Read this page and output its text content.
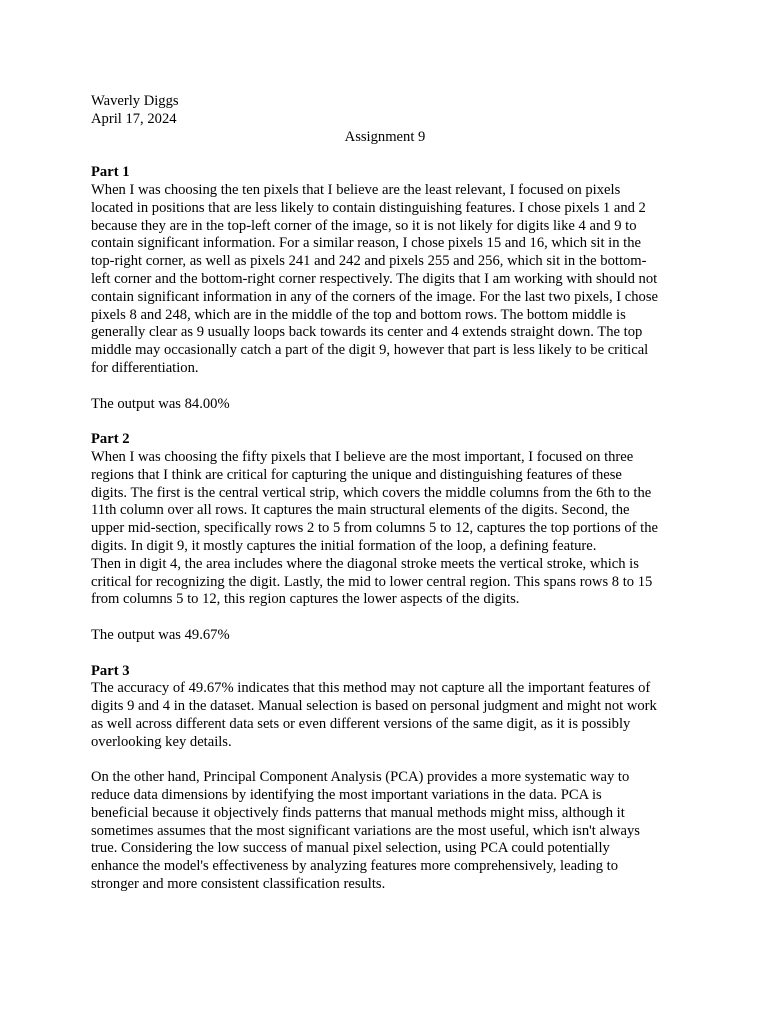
Waverly Diggs

April 17, 2024

Assignment 9

Part 1

When I was choosing the ten pixels that I believe are the least relevant, I focused on pixels

located in positions that are less likely to contain distinguishing features. I chose pixels 1 and 2

because they are in the top-left corner of the image, so it is not likely for digits like 4 and 9 to

contain significant information. For a similar reason, I chose pixels 15 and 16, which sit in the

top-right corner, as well as pixels 241 and 242 and pixels 255 and 256, which sit in the bottom-

left corner and the bottom-right corner respectively. The digits that I am working with should not

contain significant information in any of the corners of the image. For the last two pixels, I chose

pixels 8 and 248, which are in the middle of the top and bottom rows. The bottom middle is

generally clear as 9 usually loops back towards its center and 4 extends straight down. The top

middle may occasionally catch a part of the digit 9, however that part is less likely to be critical

for differentiation.

The output was 84.00%

Part 2

When I was choosing the fifty pixels that I believe are the most important, I focused on three

regions that I think are critical for capturing the unique and distinguishing features of these

digits. The first is the central vertical strip, which covers the middle columns from the 6th to the

11th column over all rows. It captures the main structural elements of the digits. Second, the

upper mid-section, specifically rows 2 to 5 from columns 5 to 12, captures the top portions of the

digits. In digit 9, it mostly captures the initial formation of the loop, a defining feature.

Then in digit 4, the area includes where the diagonal stroke meets the vertical stroke, which is

critical for recognizing the digit. Lastly, the mid to lower central region. This spans rows 8 to 15

from columns 5 to 12, this region captures the lower aspects of the digits.

The output was 49.67%

Part 3

The accuracy of 49.67% indicates that this method may not capture all the important features of

digits 9 and 4 in the dataset. Manual selection is based on personal judgment and might not work

as well across different data sets or even different versions of the same digit, as it is possibly

overlooking key details.

On the other hand, Principal Component Analysis (PCA) provides a more systematic way to

reduce data dimensions by identifying the most important variations in the data. PCA is

beneficial because it objectively finds patterns that manual methods might miss, although it

sometimes assumes that the most significant variations are the most useful, which isn't always

true. Considering the low success of manual pixel selection, using PCA could potentially

enhance the model's effectiveness by analyzing features more comprehensively, leading to

stronger and more consistent classification results.
